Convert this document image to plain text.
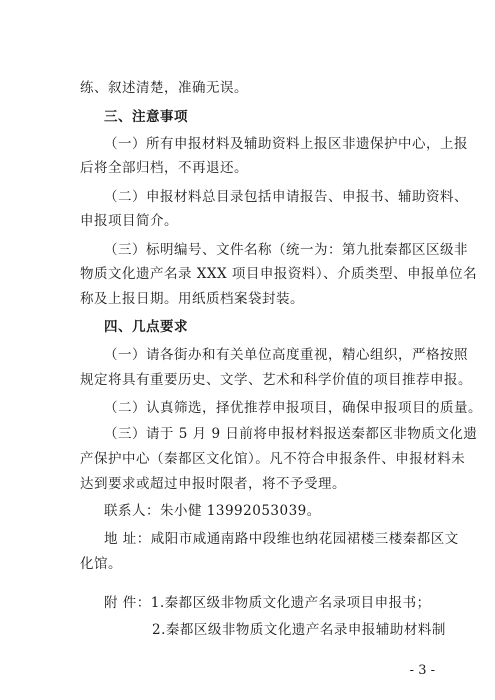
练、叙述清楚，准确无误。
三、注意事项
（一）所有申报材料及辅助资料上报区非遗保护中心，上报
后将全部归档，不再退还。
（二）申报材料总目录包括申请报告、申报书、辅助资料、
申报项目简介。
（三）标明编号、文件名称（统一为：第九批秦都区区级非
物质文化遗产名录 XXX 项目申报资料）、介质类型、申报单位名
称及上报日期。用纸质档案袋封装。
四、几点要求
（一）请各街办和有关单位高度重视，精心组织，严格按照
规定将具有重要历史、文学、艺术和科学价值的项目推荐申报。
（二）认真筛选，择优推荐申报项目，确保申报项目的质量。
（三）请于 5 月 9 日前将申报材料报送秦都区非物质文化遗
产保护中心（秦都区文化馆）。凡不符合申报条件、申报材料未
达到要求或超过申报时限者，将不予受理。
联系人：朱小健 13992053039。
地 址：咸阳市咸通南路中段维也纳花园裙楼三楼秦都区文
化馆。
附 件：1.秦都区级非物质文化遗产名录项目申报书；
2.秦都区级非物质文化遗产名录申报辅助材料制
- 3 -
